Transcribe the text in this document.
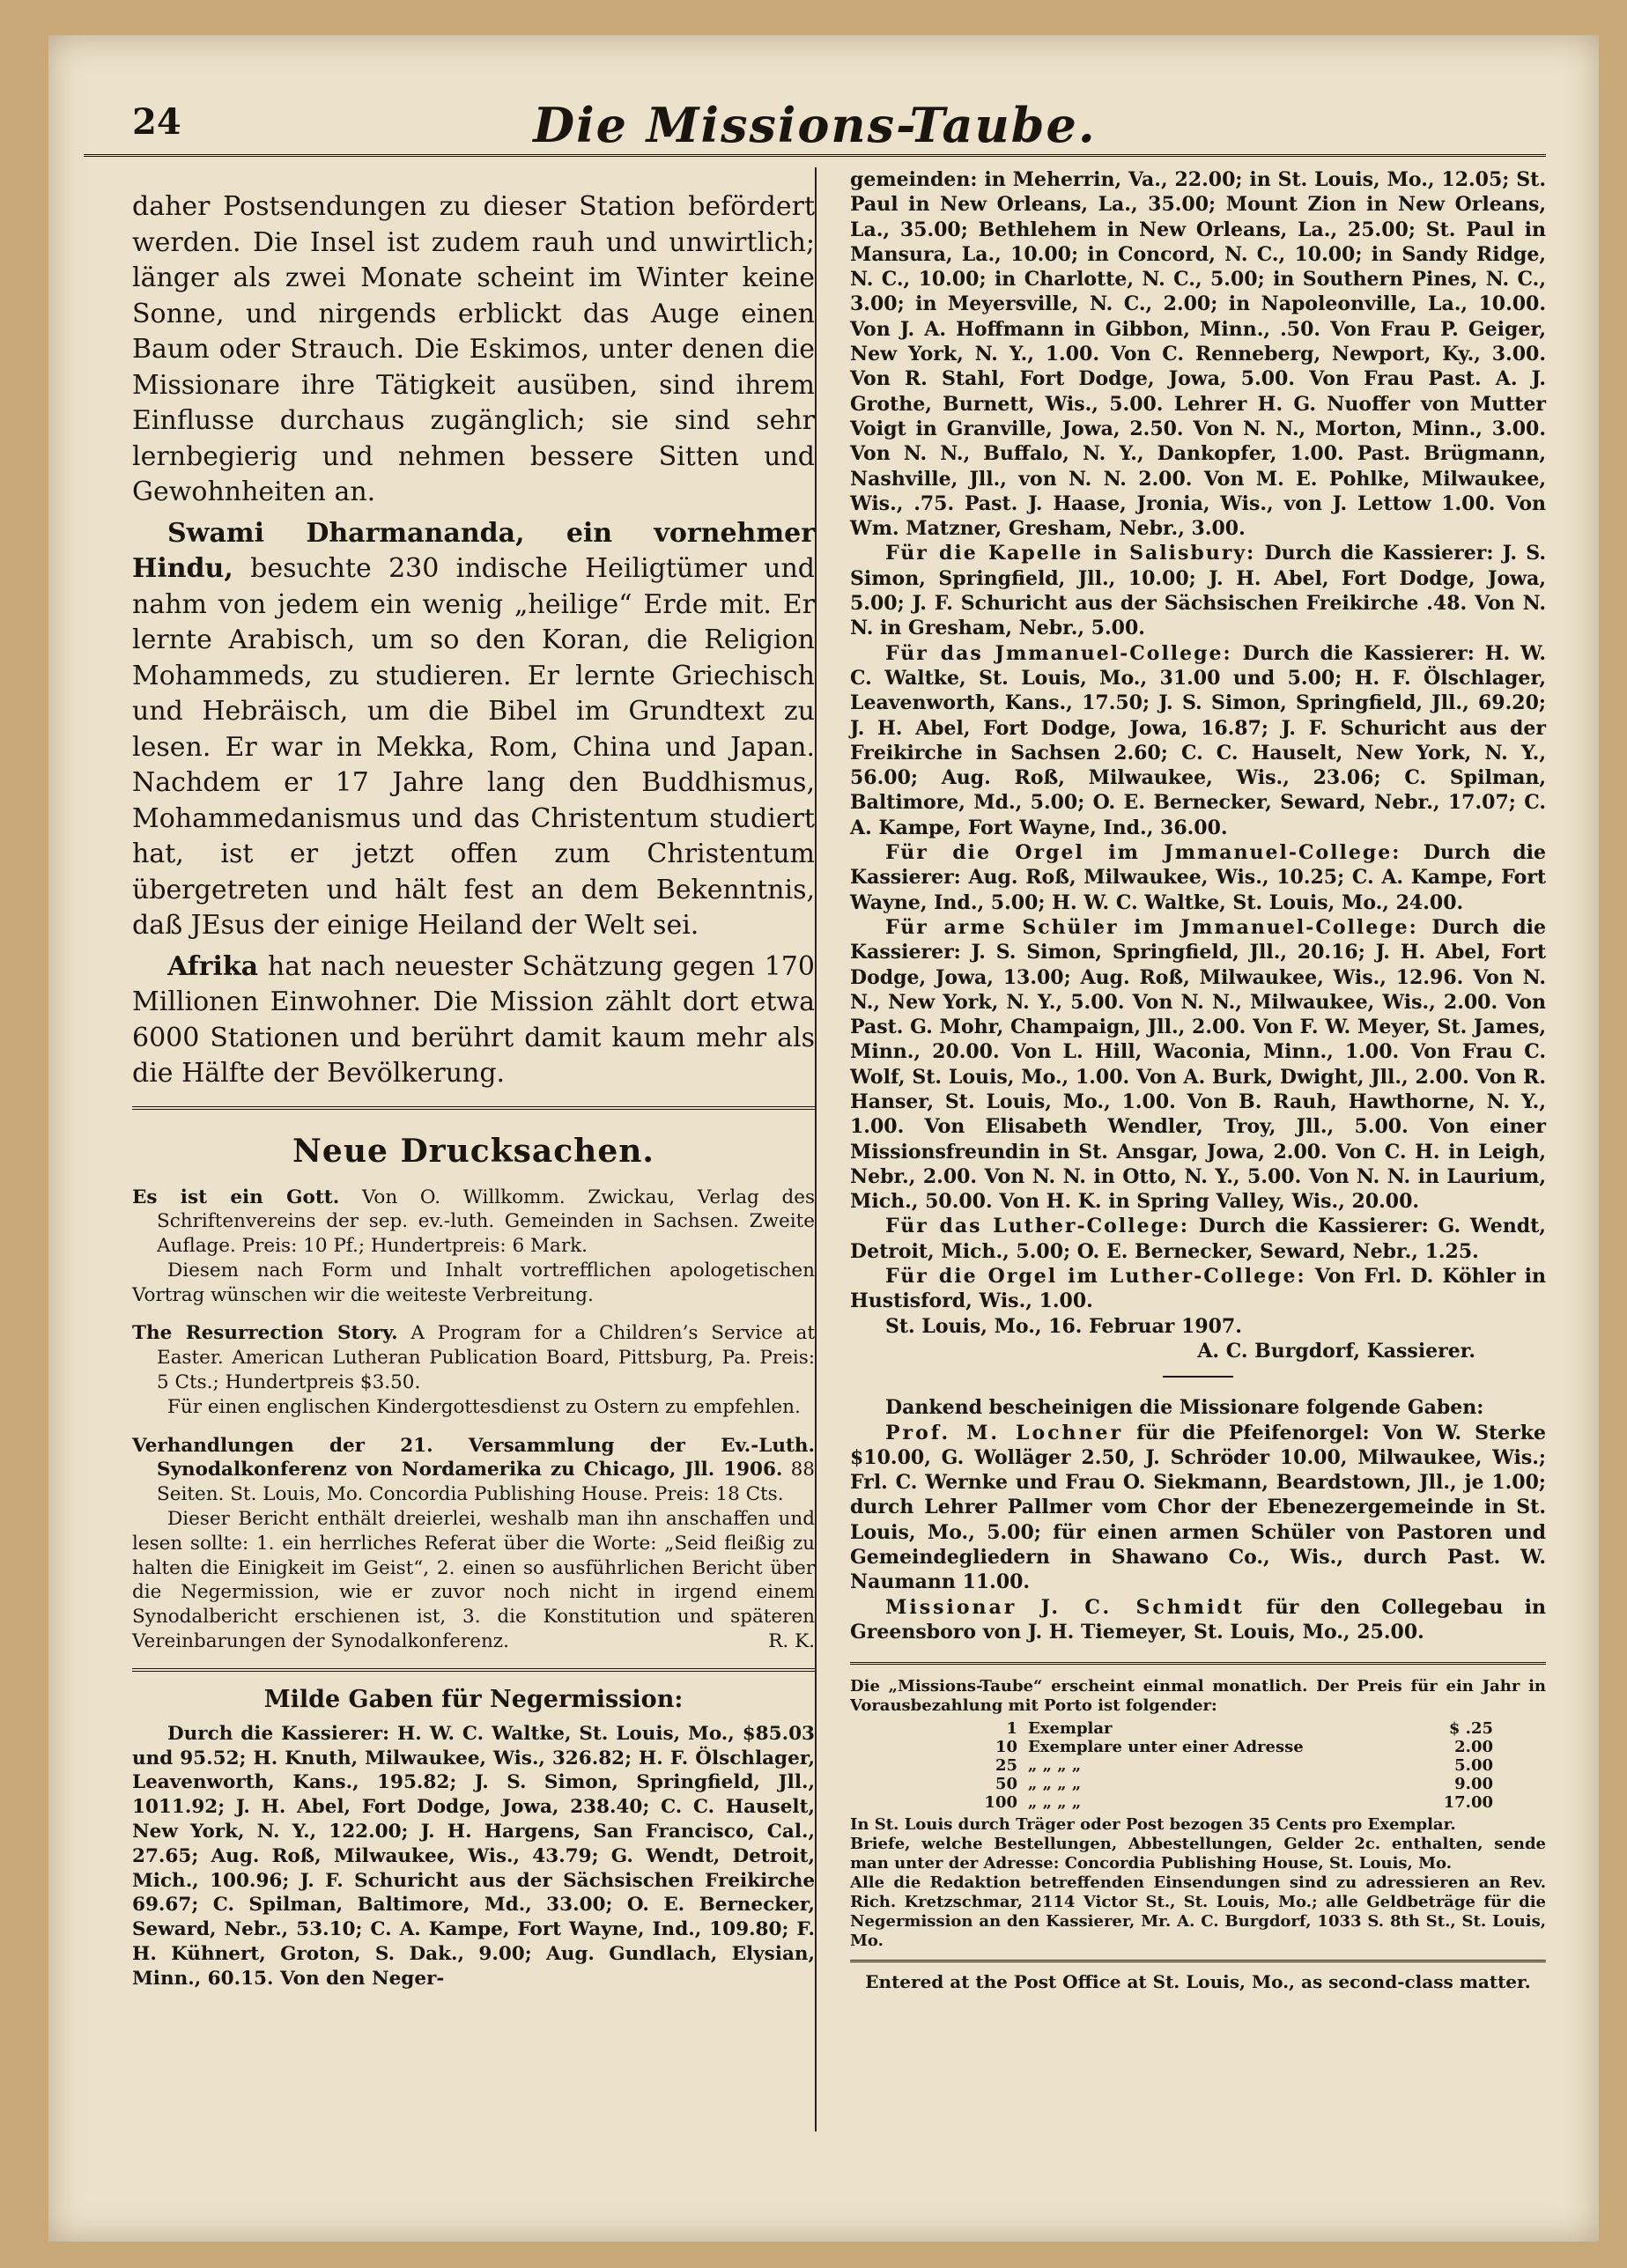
24	Die Missions-Taube.

daher Postsendungen zu dieser Station befördert werden. Die Insel ist zudem rauh und unwirtlich; länger als zwei Monate scheint im Winter keine Sonne, und nirgends erblickt das Auge einen Baum oder Strauch. Die Eskimos, unter denen die Missionare ihre Tätigkeit ausüben, sind ihrem Einflusse durchaus zugänglich; sie sind sehr lernbegierig und nehmen bessere Sitten und Gewohnheiten an.

Swami Dharmananda, ein vornehmer Hindu, besuchte 230 indische Heiligtümer und nahm von jedem ein wenig „heilige“ Erde mit. Er lernte Arabisch, um so den Koran, die Religion Mohammeds, zu studieren. Er lernte Griechisch und Hebräisch, um die Bibel im Grundtext zu lesen. Er war in Mekka, Rom, China und Japan. Nachdem er 17 Jahre lang den Buddhismus, Mohammedanismus und das Christentum studiert hat, ist er jetzt offen zum Christentum übergetreten und hält fest an dem Bekenntnis, daß JEsus der einige Heiland der Welt sei.

Afrika hat nach neuester Schätzung gegen 170 Millionen Einwohner. Die Mission zählt dort etwa 6000 Stationen und berührt damit kaum mehr als die Hälfte der Bevölkerung.

Neue Drucksachen.

Es ist ein Gott. Von O. Willkomm. Zwickau, Verlag des Schriftenvereins der sep. ev.-luth. Gemeinden in Sachsen. Zweite Auflage. Preis: 10 Pf.; Hundertpreis: 6 Mark.

Diesem nach Form und Inhalt vortrefflichen apologetischen Vortrag wünschen wir die weiteste Verbreitung.

The Resurrection Story. A Program for a Children’s Service at Easter. American Lutheran Publication Board, Pittsburg, Pa. Preis: 5 Cts.; Hundertpreis $3.50.

Für einen englischen Kindergottesdienst zu Ostern zu empfehlen.

Verhandlungen der 21. Versammlung der Ev.-Luth. Synodalkonferenz von Nordamerika zu Chicago, Jll. 1906. 88 Seiten. St. Louis, Mo. Concordia Publishing House. Preis: 18 Cts.

Dieser Bericht enthält dreierlei, weshalb man ihn anschaffen und lesen sollte: 1. ein herrliches Referat über die Worte: „Seid fleißig zu halten die Einigkeit im Geist“, 2. einen so ausführlichen Bericht über die Negermission, wie er zuvor noch nicht in irgend einem Synodalbericht erschienen ist, 3. die Konstitution und späteren Vereinbarungen der Synodalkonferenz.	R. K.

Milde Gaben für Negermission:

Durch die Kassierer: H. W. C. Waltke, St. Louis, Mo., $85.03 und 95.52; H. Knuth, Milwaukee, Wis., 326.82; H. F. Ölschlager, Leavenworth, Kans., 195.82; J. S. Simon, Springfield, Jll., 1011.92; J. H. Abel, Fort Dodge, Jowa, 238.40; C. C. Hauselt, New York, N. Y., 122.00; J. H. Hargens, San Francisco, Cal., 27.65; Aug. Roß, Milwaukee, Wis., 43.79; G. Wendt, Detroit, Mich., 100.96; J. F. Schuricht aus der Sächsischen Freikirche 69.67; C. Spilman, Baltimore, Md., 33.00; O. E. Bernecker, Seward, Nebr., 53.10; C. A. Kampe, Fort Wayne, Ind., 109.80; F. H. Kühnert, Groton, S. Dak., 9.00; Aug. Gundlach, Elysian, Minn., 60.15. Von den Neger-

gemeinden: in Meherrin, Va., 22.00; in St. Louis, Mo., 12.05; St. Paul in New Orleans, La., 35.00; Mount Zion in New Orleans, La., 35.00; Bethlehem in New Orleans, La., 25.00; St. Paul in Mansura, La., 10.00; in Concord, N. C., 10.00; in Sandy Ridge, N. C., 10.00; in Charlotte, N. C., 5.00; in Southern Pines, N. C., 3.00; in Meyersville, N. C., 2.00; in Napoleonville, La., 10.00. Von J. A. Hoffmann in Gibbon, Minn., .50. Von Frau P. Geiger, New York, N. Y., 1.00. Von C. Renneberg, Newport, Ky., 3.00. Von R. Stahl, Fort Dodge, Jowa, 5.00. Von Frau Past. A. J. Grothe, Burnett, Wis., 5.00. Lehrer H. G. Nuoffer von Mutter Voigt in Granville, Jowa, 2.50. Von N. N., Morton, Minn., 3.00. Von N. N., Buffalo, N. Y., Dankopfer, 1.00. Past. Brügmann, Nashville, Jll., von N. N. 2.00. Von M. E. Pohlke, Milwaukee, Wis., .75. Past. J. Haase, Jronia, Wis., von J. Lettow 1.00. Von Wm. Matzner, Gresham, Nebr., 3.00.

Für die Kapelle in Salisbury: Durch die Kassierer: J. S. Simon, Springfield, Jll., 10.00; J. H. Abel, Fort Dodge, Jowa, 5.00; J. F. Schuricht aus der Sächsischen Freikirche .48. Von N. N. in Gresham, Nebr., 5.00.

Für das Jmmanuel-College: Durch die Kassierer: H. W. C. Waltke, St. Louis, Mo., 31.00 und 5.00; H. F. Ölschlager, Leavenworth, Kans., 17.50; J. S. Simon, Springfield, Jll., 69.20; J. H. Abel, Fort Dodge, Jowa, 16.87; J. F. Schuricht aus der Freikirche in Sachsen 2.60; C. C. Hauselt, New York, N. Y., 56.00; Aug. Roß, Milwaukee, Wis., 23.06; C. Spilman, Baltimore, Md., 5.00; O. E. Bernecker, Seward, Nebr., 17.07; C. A. Kampe, Fort Wayne, Ind., 36.00.

Für die Orgel im Jmmanuel-College: Durch die Kassierer: Aug. Roß, Milwaukee, Wis., 10.25; C. A. Kampe, Fort Wayne, Ind., 5.00; H. W. C. Waltke, St. Louis, Mo., 24.00.

Für arme Schüler im Jmmanuel-College: Durch die Kassierer: J. S. Simon, Springfield, Jll., 20.16; J. H. Abel, Fort Dodge, Jowa, 13.00; Aug. Roß, Milwaukee, Wis., 12.96. Von N. N., New York, N. Y., 5.00. Von N. N., Milwaukee, Wis., 2.00. Von Past. G. Mohr, Champaign, Jll., 2.00. Von F. W. Meyer, St. James, Minn., 20.00. Von L. Hill, Waconia, Minn., 1.00. Von Frau C. Wolf, St. Louis, Mo., 1.00. Von A. Burk, Dwight, Jll., 2.00. Von R. Hanser, St. Louis, Mo., 1.00. Von B. Rauh, Hawthorne, N. Y., 1.00. Von Elisabeth Wendler, Troy, Jll., 5.00. Von einer Missionsfreundin in St. Ansgar, Jowa, 2.00. Von C. H. in Leigh, Nebr., 2.00. Von N. N. in Otto, N. Y., 5.00. Von N. N. in Laurium, Mich., 50.00. Von H. K. in Spring Valley, Wis., 20.00.

Für das Luther-College: Durch die Kassierer: G. Wendt, Detroit, Mich., 5.00; O. E. Bernecker, Seward, Nebr., 1.25.

Für die Orgel im Luther-College: Von Frl. D. Köhler in Hustisford, Wis., 1.00.

St. Louis, Mo., 16. Februar 1907.

A. C. Burgdorf, Kassierer.

Dankend bescheinigen die Missionare folgende Gaben:

Prof. M. Lochner für die Pfeifenorgel: Von W. Sterke $10.00, G. Wolläger 2.50, J. Schröder 10.00, Milwaukee, Wis.; Frl. C. Wernke und Frau O. Siekmann, Beardstown, Jll., je 1.00; durch Lehrer Pallmer vom Chor der Ebenezergemeinde in St. Louis, Mo., 5.00; für einen armen Schüler von Pastoren und Gemeindegliedern in Shawano Co., Wis., durch Past. W. Naumann 11.00.

Missionar J. C. Schmidt für den Collegebau in Greensboro von J. H. Tiemeyer, St. Louis, Mo., 25.00.

Die „Missions-Taube“ erscheint einmal monatlich. Der Preis für ein Jahr in Vorausbezahlung mit Porto ist folgender:

1 Exemplar	$ .25
10 Exemplare unter einer Adresse	2.00
25 „ „ „ „	5.00
50 „ „ „ „	9.00
100 „ „ „ „	17.00

In St. Louis durch Träger oder Post bezogen 35 Cents pro Exemplar.

Briefe, welche Bestellungen, Abbestellungen, Gelder 2c. enthalten, sende man unter der Adresse: Concordia Publishing House, St. Louis, Mo.

Alle die Redaktion betreffenden Einsendungen sind zu adressieren an Rev. Rich. Kretzschmar, 2114 Victor St., St. Louis, Mo.; alle Geldbeträge für die Negermission an den Kassierer, Mr. A. C. Burgdorf, 1033 S. 8th St., St. Louis, Mo.

Entered at the Post Office at St. Louis, Mo., as second-class matter.
